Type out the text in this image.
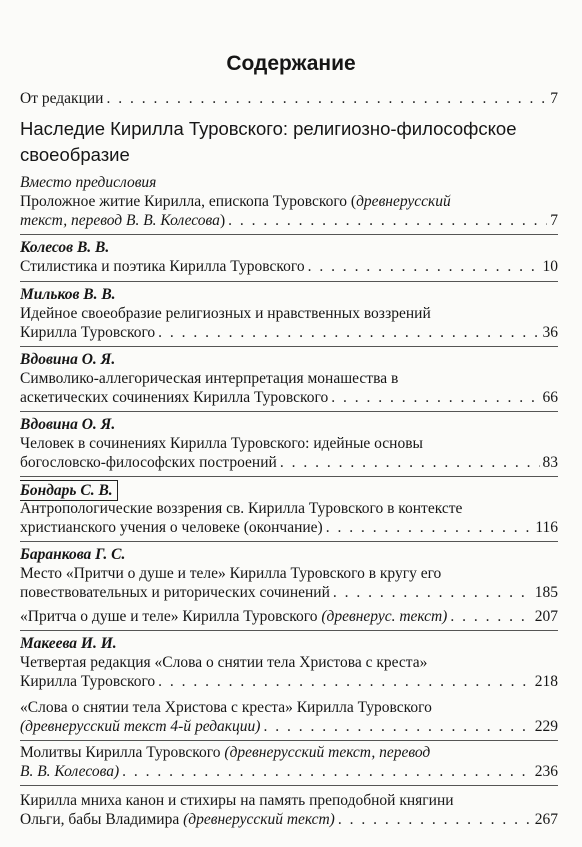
Содержание
От редакции . . .	7
Наследие Кирилла Туровского: религиозно-философское
своеобразие
Вместо предисловия
Проложное житие Кирилла, епископа Туровского (древнерусский
текст, перевод В. В. Колесова) . . .	7
Колесов В. В.
Стилистика и поэтика Кирилла Туровского . . .	10
Мильков В. В.
Идейное своеобразие религиозных и нравственных воззрений
Кирилла Туровского . . .	36
Вдовина О. Я.
Символико-аллегорическая интерпретация монашества в
аскетических сочинениях Кирилла Туровского . . .	66
Вдовина О. Я.
Человек в сочинениях Кирилла Туровского: идейные основы
богословско-философских построений . . .	83
Бондарь С. В.
Антропологические воззрения св. Кирилла Туровского в контексте
христианского учения о человеке (окончание) . . .	116
Баранкова Г. С.
Место «Притчи о душе и теле» Кирилла Туровского в кругу его
повествовательных и риторических сочинений . . .	185
«Притча о душе и теле» Кирилла Туровского (древнерус. текст) . . .	207
Макеева И. И.
Четвертая редакция «Слова о снятии тела Христова с креста»
Кирилла Туровского . . .	218
«Слова о снятии тела Христова с креста» Кирилла Туровского
(древнерусский текст 4-й редакции) . . .	229
Молитвы Кирилла Туровского (древнерусский текст, перевод
В. В. Колесова) . . .	236
Кирилла мниха канон и стихиры на память преподобной княгини
Ольги, бабы Владимира (древнерусский текст) . . .	267
